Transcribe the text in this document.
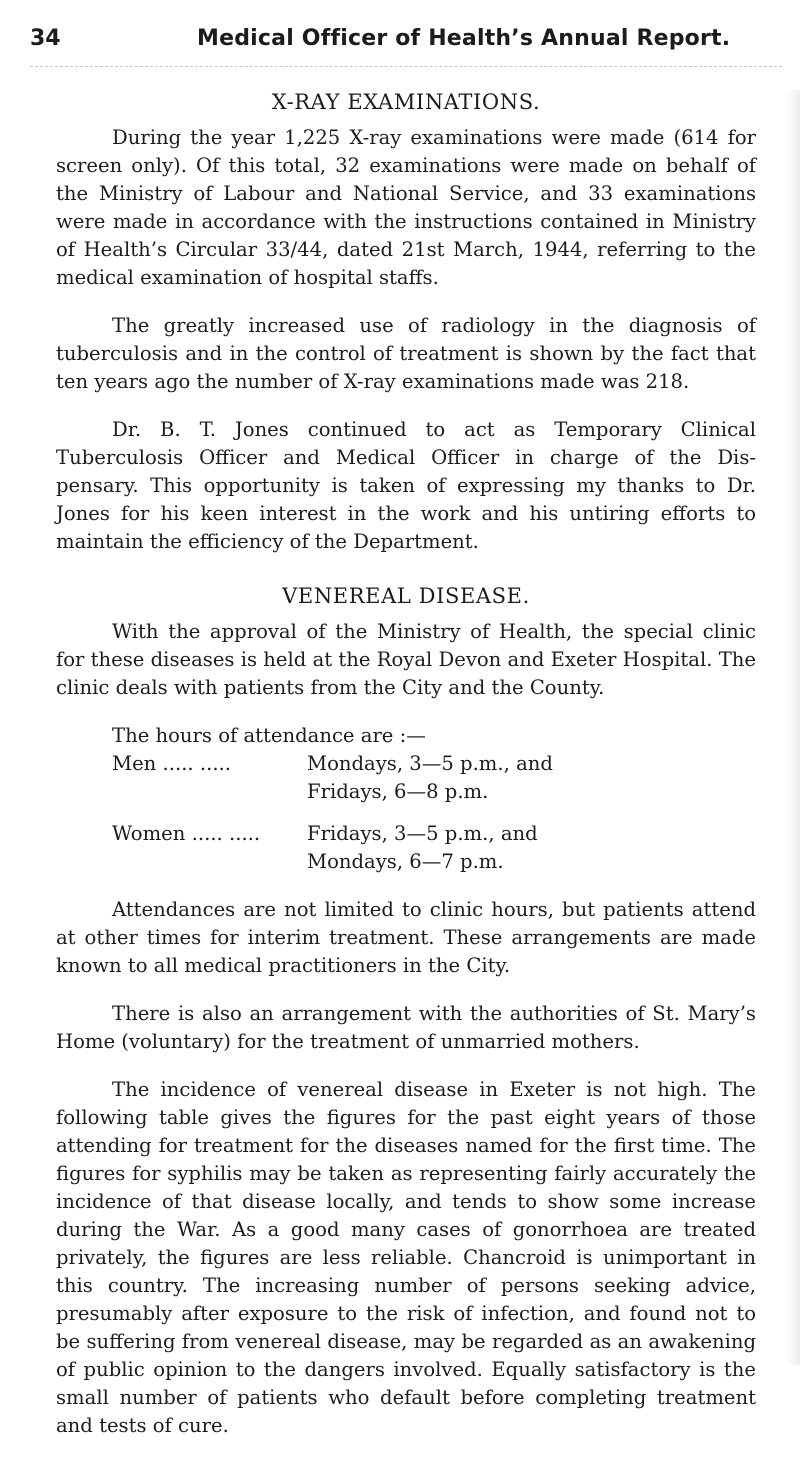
34	Medical Officer of Health’s Annual Report.
X-RAY EXAMINATIONS.

During the year 1,225 X-ray examinations were made (614 for screen only). Of this total, 32 examinations were made on behalf of the Ministry of Labour and National Service, and 33 examinations were made in accordance with the instructions contained in Ministry of Health’s Circular 33/44, dated 21st March, 1944, referring to the medical examination of hospital staffs.

The greatly increased use of radiology in the diagnosis of tuberculosis and in the control of treatment is shown by the fact that ten years ago the number of X-ray examinations made was 218.

Dr. B. T. Jones continued to act as Temporary Clinical Tuberculosis Officer and Medical Officer in charge of the Dis- pensary. This opportunity is taken of expressing my thanks to Dr. Jones for his keen interest in the work and his untiring efforts to maintain the efficiency of the Department.

VENEREAL DISEASE.

With the approval of the Ministry of Health, the special clinic for these diseases is held at the Royal Devon and Exeter Hospital. The clinic deals with patients from the City and the County.

The hours of attendance are :—

Men ..... .....	Mondays, 3—5 p.m., and
Fridays, 6—8 p.m.
Women ..... .....	Fridays, 3—5 p.m., and
Mondays, 6—7 p.m.

Attendances are not limited to clinic hours, but patients attend at other times for interim treatment. These arrangements are made known to all medical practitioners in the City.

There is also an arrangement with the authorities of St. Mary’s Home (voluntary) for the treatment of unmarried mothers.

The incidence of venereal disease in Exeter is not high. The following table gives the figures for the past eight years of those attending for treatment for the diseases named for the first time. The figures for syphilis may be taken as representing fairly accurately the incidence of that disease locally, and tends to show some increase during the War. As a good many cases of gonorrhoea are treated privately, the figures are less reliable. Chancroid is unimportant in this country. The increasing number of persons seeking advice, presumably after exposure to the risk of infection, and found not to be suffering from venereal disease, may be regarded as an awakening of public opinion to the dangers involved. Equally satisfactory is the small number of patients who default before completing treatment and tests of cure.
